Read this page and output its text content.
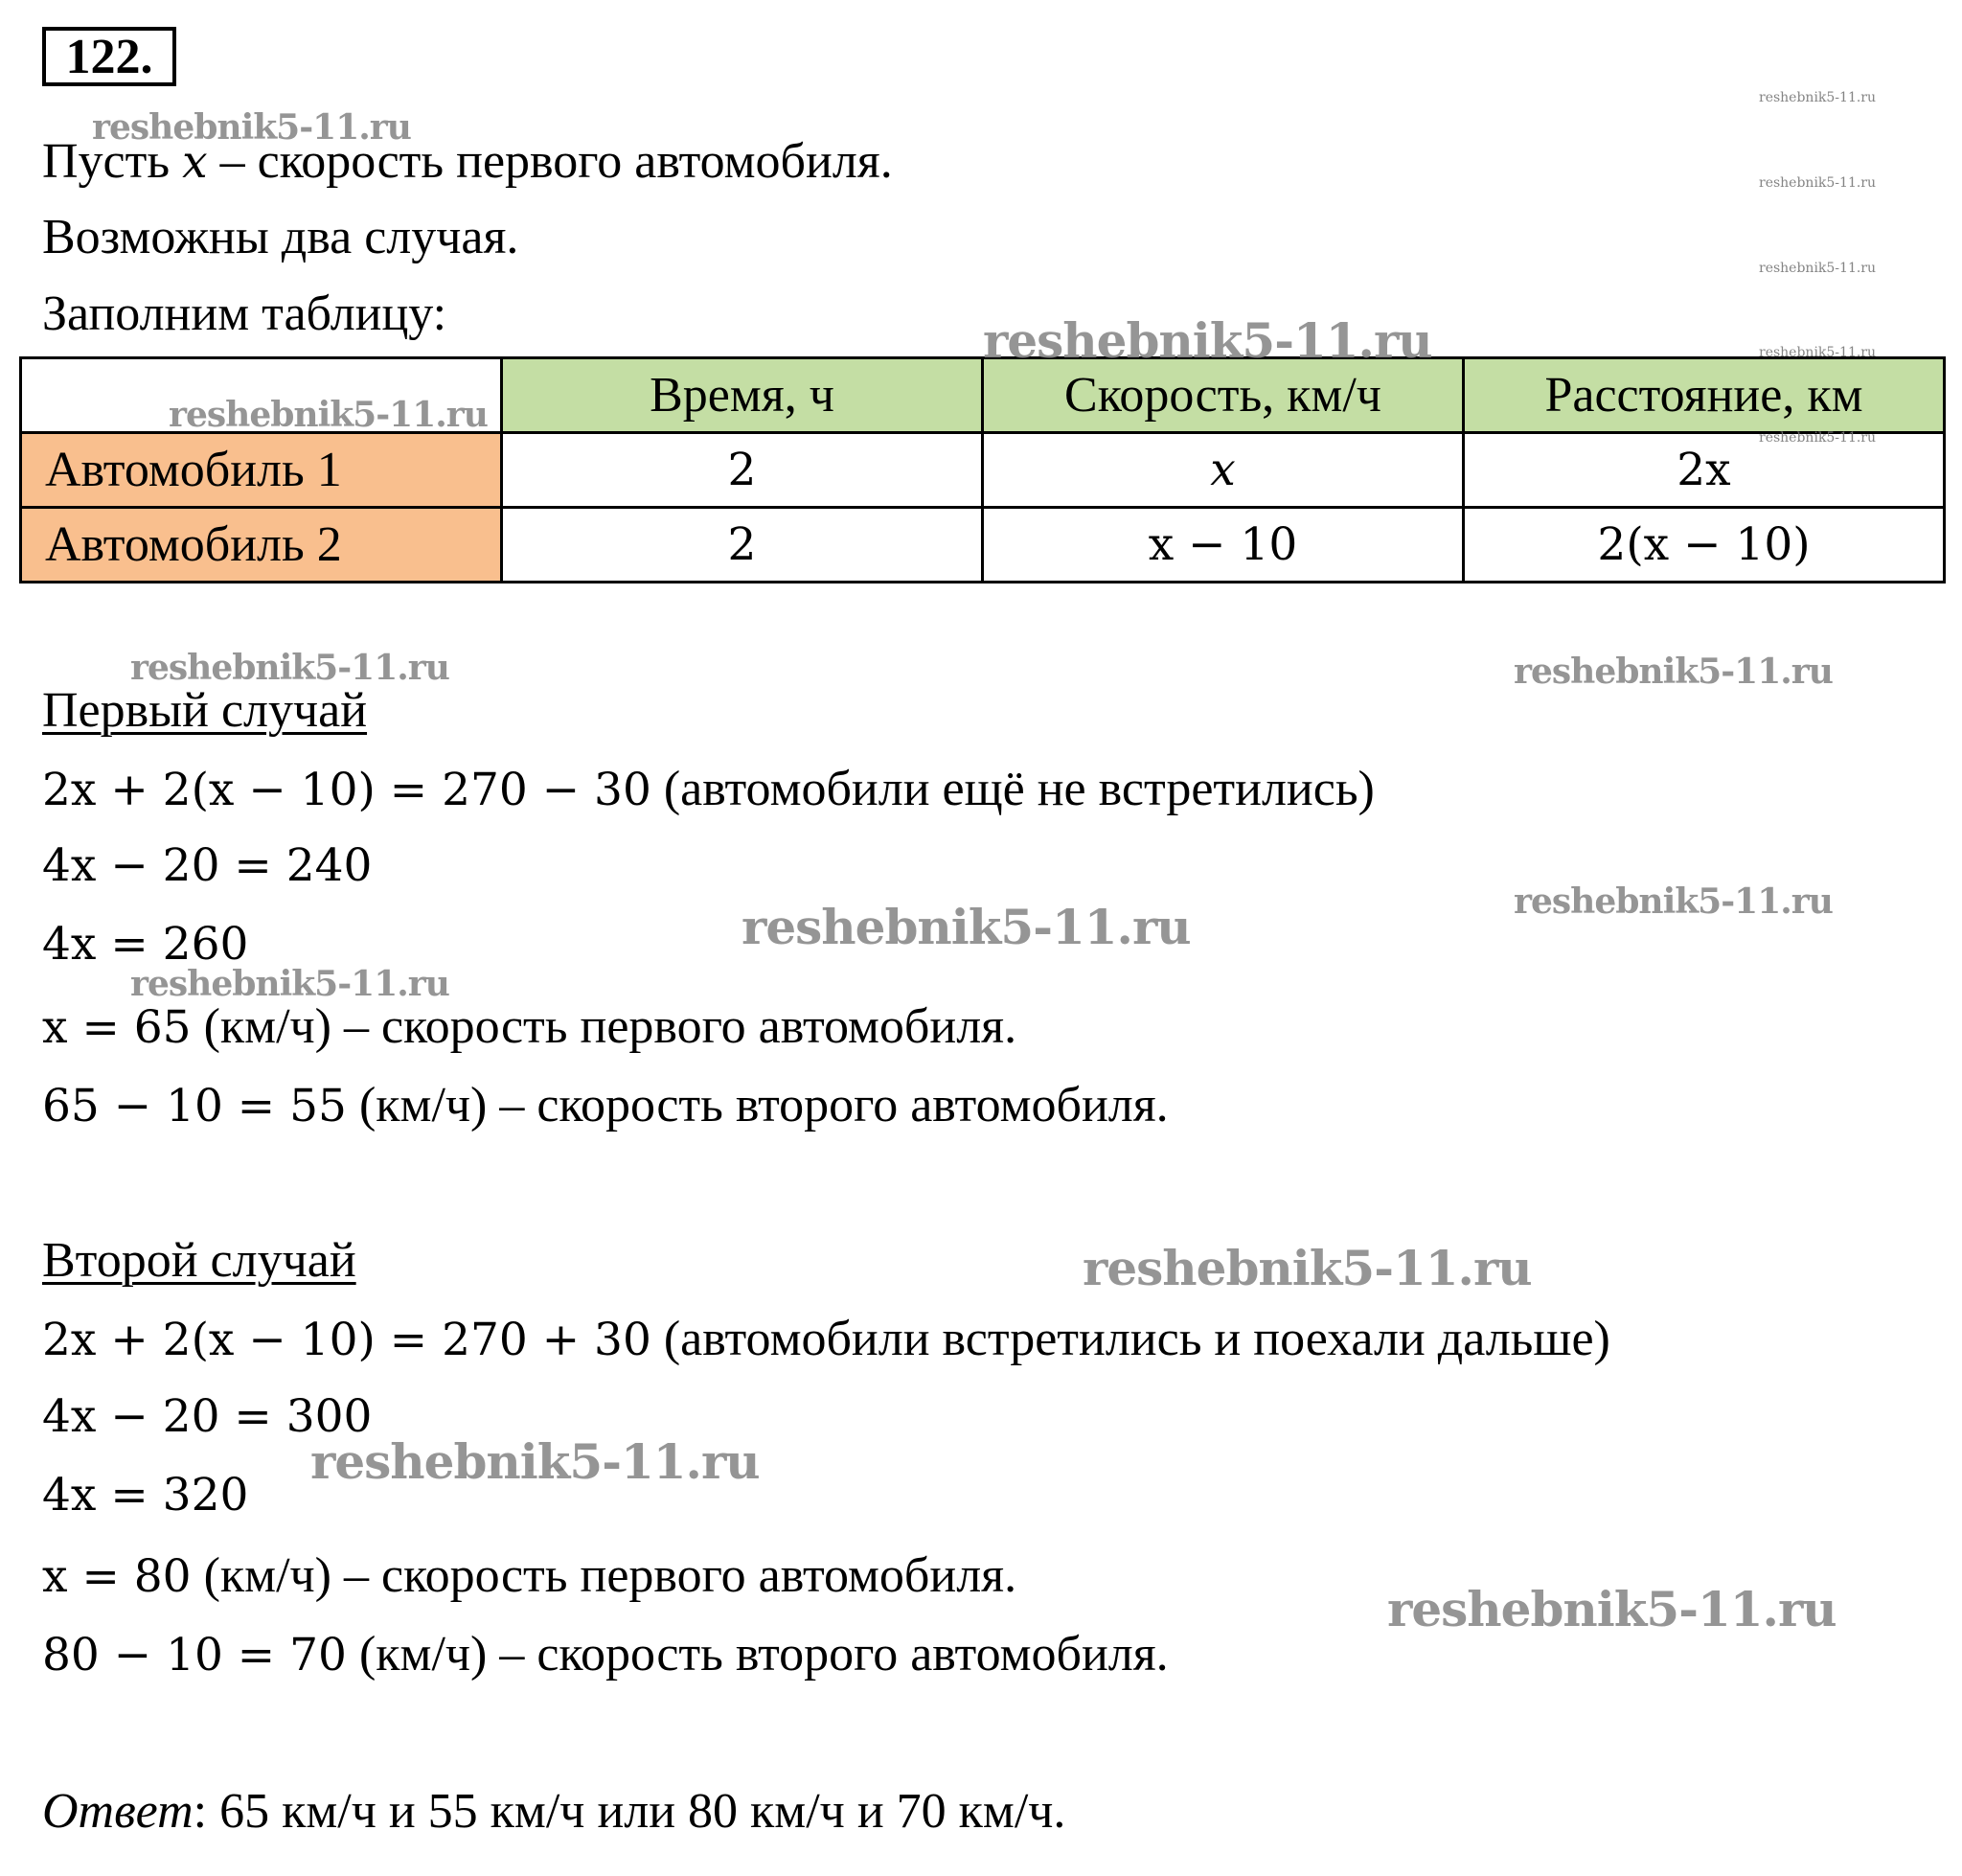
122.
Пусть x – скорость первого автомобиля.
Возможны два случая.
Заполним таблицу:
	Время, ч	Скорость, км/ч	Расстояние, км
Автомобиль 1	2	x	2x
Автомобиль 2	2	x − 10	2(x − 10)
Первый случай
2x + 2(x − 10) = 270 − 30 (автомобили ещё не встретились)
4x − 20 = 240
4x = 260
x = 65 (км/ч) – скорость первого автомобиля.
65 − 10 = 55 (км/ч) – скорость второго автомобиля.
Второй случай
2x + 2(x − 10) = 270 + 30 (автомобили встретились и поехали дальше)
4x − 20 = 300
4x = 320
x = 80 (км/ч) – скорость первого автомобиля.
80 − 10 = 70 (км/ч) – скорость второго автомобиля.
Ответ: 65 км/ч и 55 км/ч или 80 км/ч и 70 км/ч.
reshebnik5-11.ru
reshebnik5-11.ru
reshebnik5-11.ru
reshebnik5-11.ru
reshebnik5-11.ru
reshebnik5-11.ru
reshebnik5-11.ru
reshebnik5-11.ru
reshebnik5-11.ru	reshebnik5-11.ru
reshebnik5-11.ru	reshebnik5-11.ru
reshebnik5-11.ru
reshebnik5-11.ru
reshebnik5-11.ru
reshebnik5-11.ru
